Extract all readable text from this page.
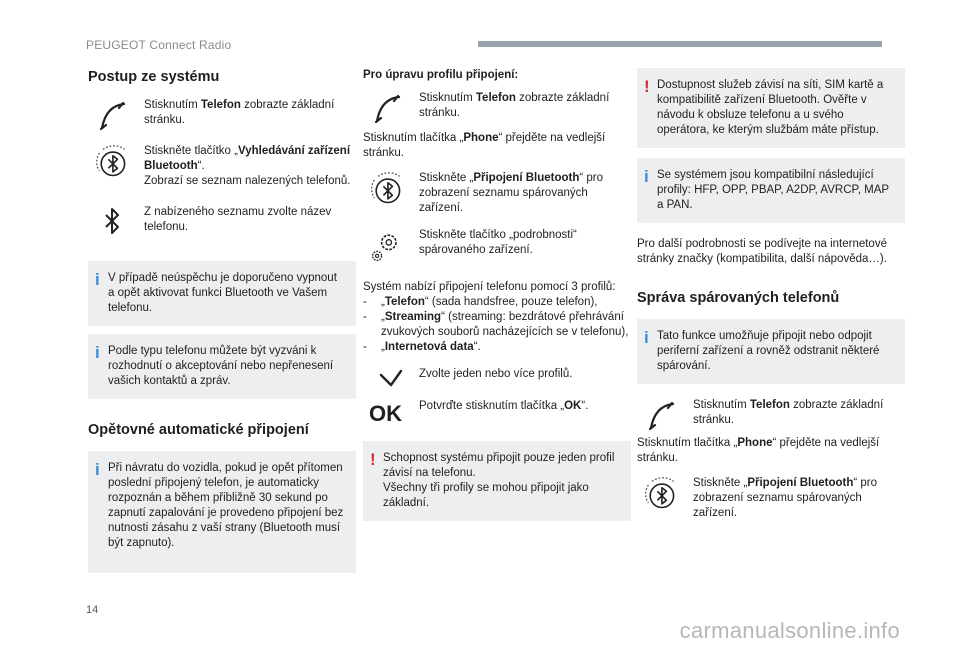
PEUGEOT Connect Radio
Postup ze systému
Stisknutím Telefon zobrazte základní stránku.
Stiskněte tlačítko „Vyhledávání zařízení Bluetooth“.
Zobrazí se seznam nalezených telefonů.
Z nabízeného seznamu zvolte název telefonu.
i V případě neúspěchu je doporučeno vypnout a opět aktivovat funkci Bluetooth ve Vašem telefonu.

i Podle typu telefonu můžete být vyzváni k rozhodnutí o akceptování nebo nepřenesení vašich kontaktů a zpráv.

Opětovné automatické připojení
i Při návratu do vozidla, pokud je opět přítomen poslední připojený telefon, je automaticky rozpoznán a během přibližně 30 sekund po zapnutí zapalování je provedeno připojení bez nutnosti zásahu z vaší strany (Bluetooth musí být zapnuto).

Pro úpravu profilu připojení:

Stisknutím Telefon zobrazte základní stránku.

Stisknutím tlačítka „Phone“ přejděte na vedlejší stránku.

Stiskněte „Připojení Bluetooth“ pro zobrazení seznamu spárovaných zařízení.
Stiskněte tlačítko „podrobnosti“ spárovaného zařízení.

Systém nabízí připojení telefonu pomocí 3 profilů:

- „Telefon“ (sada handsfree, pouze telefon),
- „Streaming“ (streaming: bezdrátové přehrávání zvukových souborů nacházejících se v telefonu),
- „Internetová data“.
Zvolte jeden nebo více profilů.
OK	Potvrďte stisknutím tlačítka „OK“.
! Schopnost systému připojit pouze jeden profil závisí na telefonu.

Všechny tři profily se mohou připojit jako základní.

! Dostupnost služeb závisí na síti, SIM kartě a kompatibilitě zařízení Bluetooth. Ověřte v návodu k obsluze telefonu a u svého operátora, ke kterým službám máte přístup.

i Se systémem jsou kompatibilní následující profily: HFP, OPP, PBAP, A2DP, AVRCP, MAP a PAN.

Pro další podrobnosti se podívejte na internetové stránky značky (kompatibilita, další nápověda…).

Správa spárovaných telefonů
i Tato funkce umožňuje připojit nebo odpojit periferní zařízení a rovněž odstranit některé spárování.

Stisknutím Telefon zobrazte základní stránku.

Stisknutím tlačítka „Phone“ přejděte na vedlejší stránku.

Stiskněte „Připojení Bluetooth“ pro zobrazení seznamu spárovaných zařízení.
14
carmanualsonline.info
